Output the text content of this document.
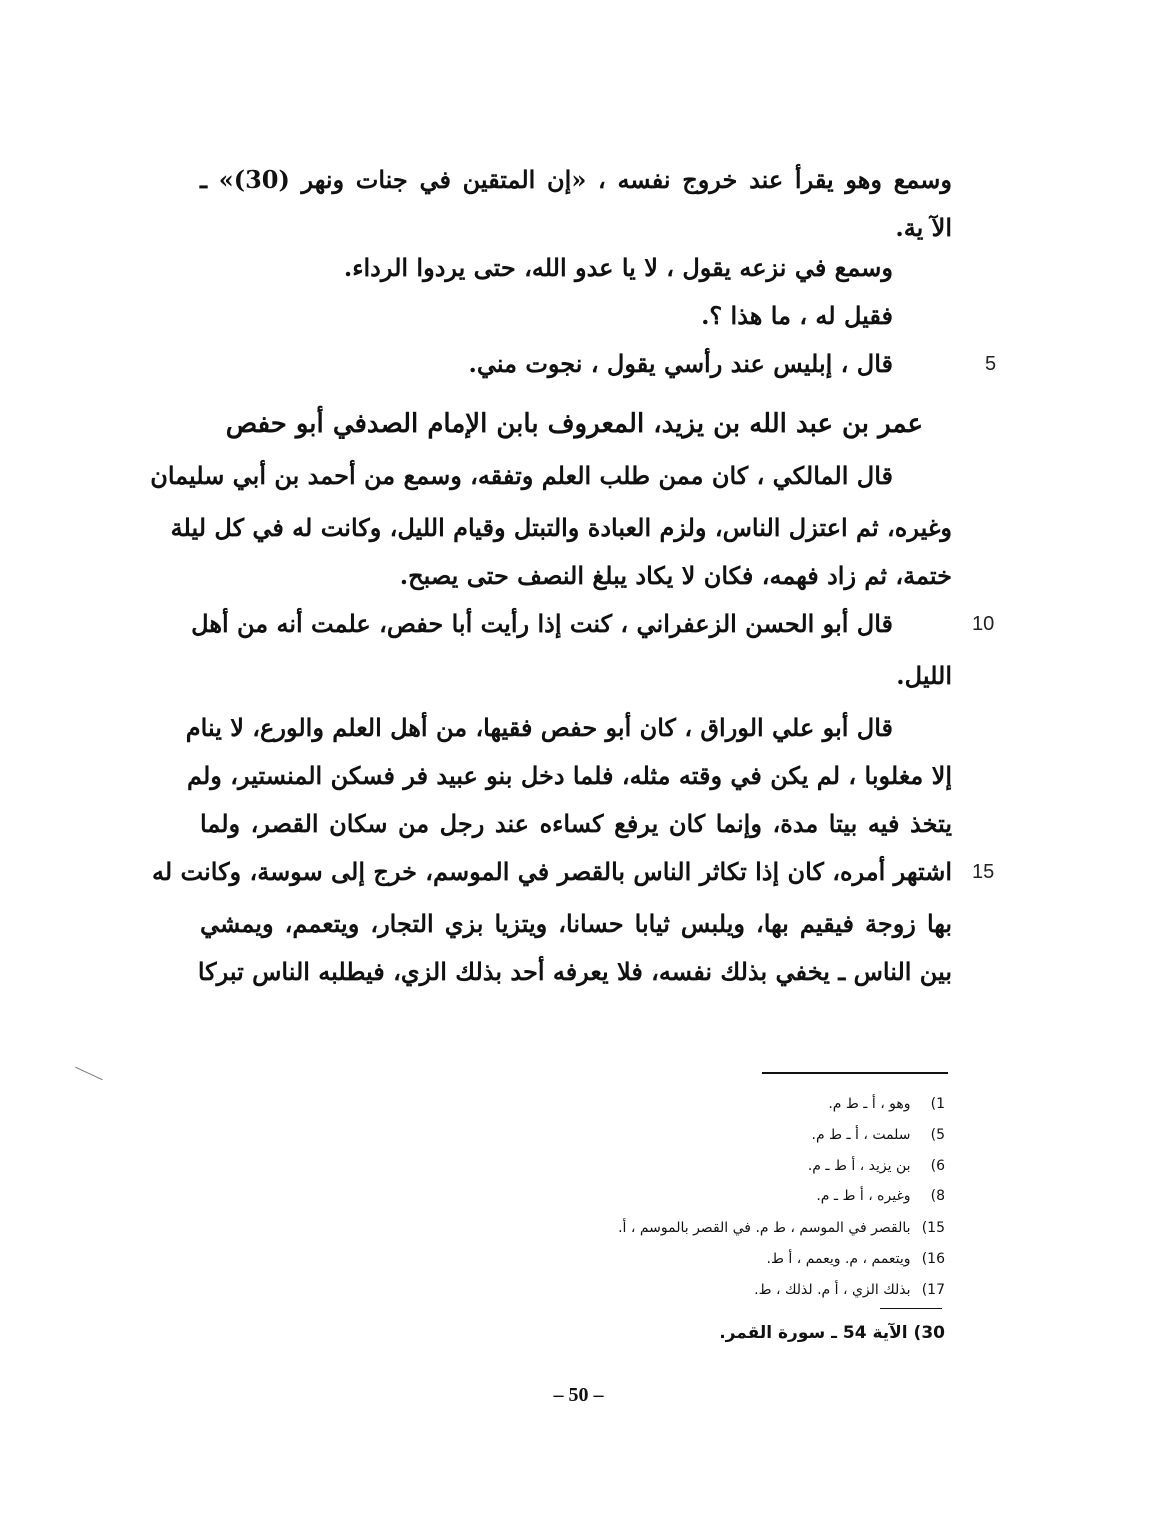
وسمع وهو يقرأ عند خروج نفسه ، «إن المتقين في جنات ونهر (30)» ـ
الآ ية.
وسمع في نزعه يقول ، لا يا عدو الله، حتى يردوا الرداء.
فقيل له ، ما هذا ؟.
قال ، إبليس عند رأسي يقول ، نجوت مني.
عمر بن عبد الله بن يزيد، المعروف بابن الإمام الصدفي أبو حفص
قال المالكي ، كان ممن طلب العلم وتفقه، وسمع من أحمد بن أبي سليمان
وغيره، ثم اعتزل الناس، ولزم العبادة والتبتل وقيام الليل، وكانت له في كل ليلة
ختمة، ثم زاد فهمه، فكان لا يكاد يبلغ النصف حتى يصبح.
قال أبو الحسن الزعفراني ، كنت إذا رأيت أبا حفص، علمت أنه من أهل
الليل.
قال أبو علي الوراق ، كان أبو حفص فقيها، من أهل العلم والورع، لا ينام
إلا مغلوبا ، لم يكن في وقته مثله، فلما دخل بنو عبيد فر فسكن المنستير، ولم
يتخذ فيه بيتا مدة، وإنما كان يرفع كساءه عند رجل من سكان القصر، ولما
اشتهر أمره، كان إذا تكاثر الناس بالقصر في الموسم، خرج إلى سوسة، وكانت له
بها زوجة فيقيم بها، ويلبس ثيابا حسانا، ويتزيا بزي التجار، ويتعمم، ويمشي
بين الناس ـ يخفي بذلك نفسه، فلا يعرفه أحد بذلك الزي، فيطلبه الناس تبركا
5
10
15
1) وهو ، أ ـ ط م.
5) سلمت ، أ ـ ط م.
6) بن يزيد ، أ ط ـ م.
8) وغيره ، أ ط ـ م.
15) بالقصر في الموسم ، ط م. في القصر بالموسم ، أ.
16) ويتعمم ، م. ويعمم ، أ ط.
17) بذلك الزي ، أ م. لذلك ، ط.
30) الآية 54 ـ سورة القمر.
– 50 –
